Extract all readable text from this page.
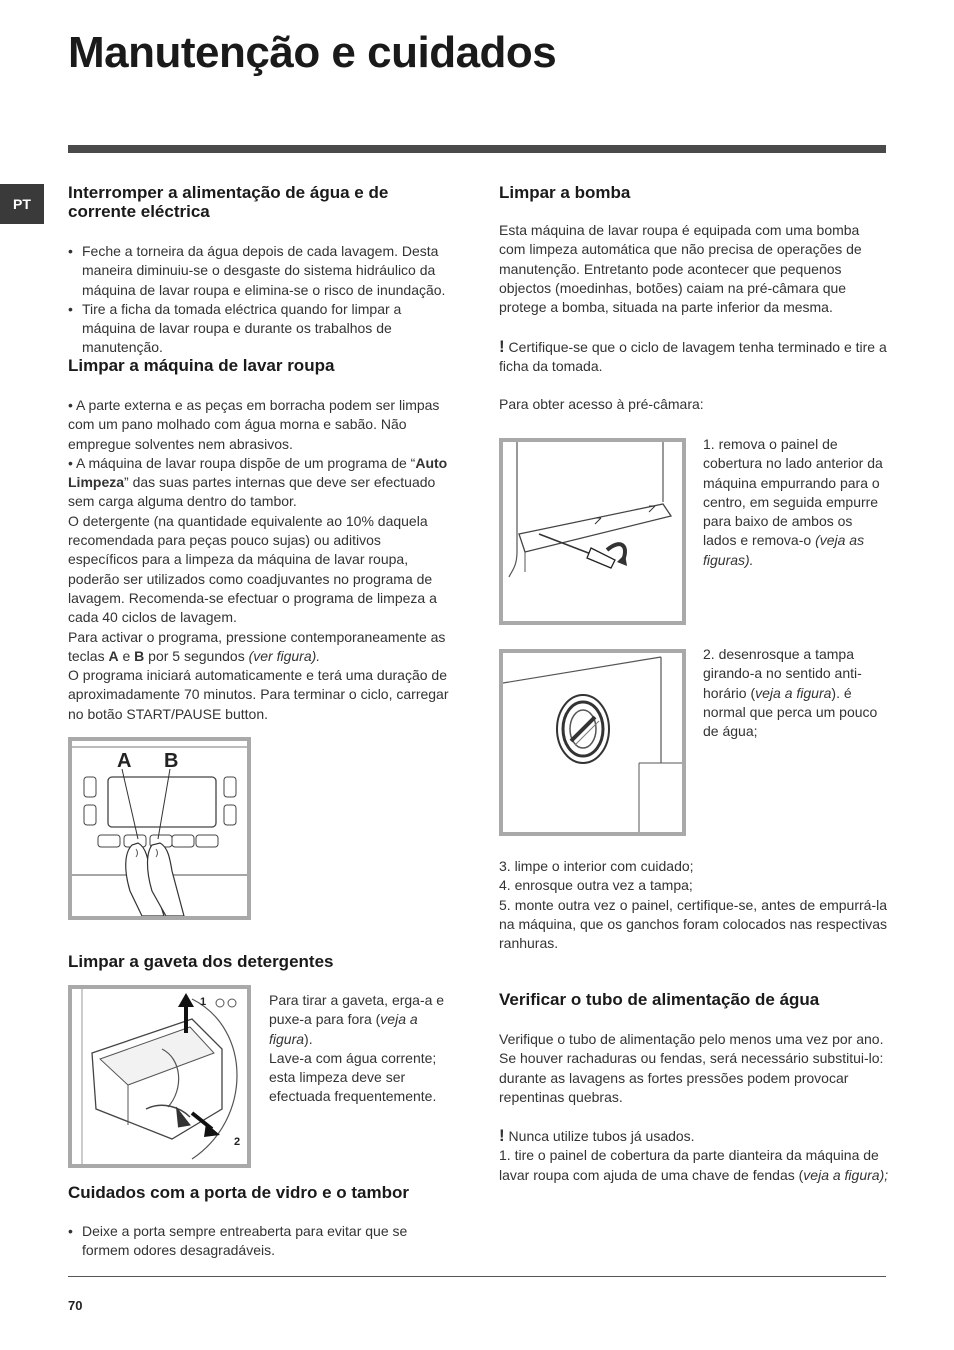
Manutenção e cuidados
PT
Interromper a alimentação de água e de corrente eléctrica
• Feche a torneira da água depois de cada lavagem. Desta maneira diminuiu-se o desgaste do sistema hidráulico da máquina de lavar roupa e elimina-se o risco de inundação.
• Tire a ficha da tomada eléctrica quando for limpar a máquina de lavar roupa e durante os trabalhos de manutenção.
Limpar a máquina de lavar roupa
• A parte externa e as peças em borracha podem ser limpas com um pano molhado com água morna e sabão. Não empregue solventes nem abrasivos.
• A máquina de lavar roupa dispõe de um programa de “Auto Limpeza” das suas partes internas que deve ser efectuado sem carga alguma dentro do tambor.
O detergente (na quantidade equivalente ao 10% daquela recomendada para peças pouco sujas) ou aditivos específicos para a limpeza da máquina de lavar roupa, poderão ser utilizados como coadjuvantes no programa de lavagem. Recomenda-se efectuar o programa de limpeza a cada 40 ciclos de lavagem.
Para activar o programa, pressione contemporaneamente as teclas A e B por 5 segundos (ver figura).
O programa iniciará automaticamente e terá uma duração de aproximadamente 70 minutos. Para terminar o ciclo, carregar no botão START/PAUSE button.
A B
Limpar a gaveta dos detergentes
1
2
Para tirar a gaveta, erga-a e puxe-a para fora (veja a figura).
Lave-a com água corrente; esta limpeza deve ser efectuada frequentemente.
Cuidados com a porta de vidro e o tambor
• Deixe a porta sempre entreaberta para evitar que se formem odores desagradáveis.
Limpar a bomba
Esta máquina de lavar roupa é equipada com uma bomba com limpeza automática que não precisa de operações de manutenção. Entretanto pode acontecer que pequenos objectos (moedinhas, botões) caiam na pré-câmara que protege a bomba, situada na parte inferior da mesma.
! Certifique-se que o ciclo de lavagem tenha terminado e tire a ficha da tomada.
Para obter acesso à pré-câmara:
1. remova o painel de cobertura no lado anterior da máquina empurrando para o centro, em seguida empurre para baixo de ambos os lados e remova-o (veja as figuras).
2. desenrosque a tampa girando-a no sentido anti-horário (veja a figura). é normal que perca um pouco de água;
3. limpe o interior com cuidado;
4. enrosque outra vez a tampa;
5. monte outra vez o painel, certifique-se, antes de empurrá-la na máquina, que os ganchos foram colocados nas respectivas ranhuras.
Verificar o tubo de alimentação de água
Verifique o tubo de alimentação pelo menos uma vez por ano. Se houver rachaduras ou fendas, será necessário substitui-lo: durante as lavagens as fortes pressões podem provocar repentinas quebras.
! Nunca utilize tubos já usados.
1. tire o painel de cobertura da parte dianteira da máquina de lavar roupa com ajuda de uma chave de fendas (veja a figura);
70
